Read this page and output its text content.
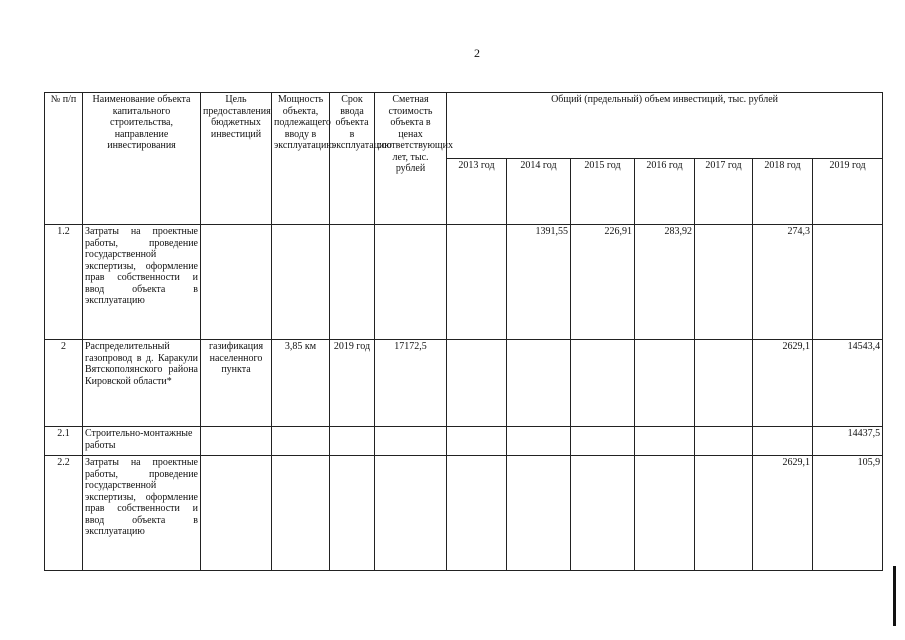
2
№ п/п	Наименование объекта капитального строительства, направление инвестирования	Цель предоставления бюджетных инвестиций	Мощность объекта, подлежащего вводу в эксплуатацию	Срок ввода объекта в эксплуатацию	Сметная стоимость объекта в ценах соответствующих лет, тыс. рублей	Общий (предельный) объем инвестиций, тыс. рублей						
						2013 год	2014 год	2015 год	2016 год	2017 год	2018 год	2019 год
1.2	Затраты на проектные работы, проведение государственной экспертизы, оформление прав собственности и ввод объекта в эксплуатацию						1391,55	226,91	283,92		274,3	
2	Распределительный газопровод в д. Каракули Вятскополянского района Кировской области*	газификация населенного пункта	3,85 км	2019 год	17172,5						2629,1	14543,4
2.1	Строительно-монтажные работы											14437,5
2.2	Затраты на проектные работы, проведение государственной экспертизы, оформление прав собственности и ввод объекта в эксплуатацию										2629,1	105,9
